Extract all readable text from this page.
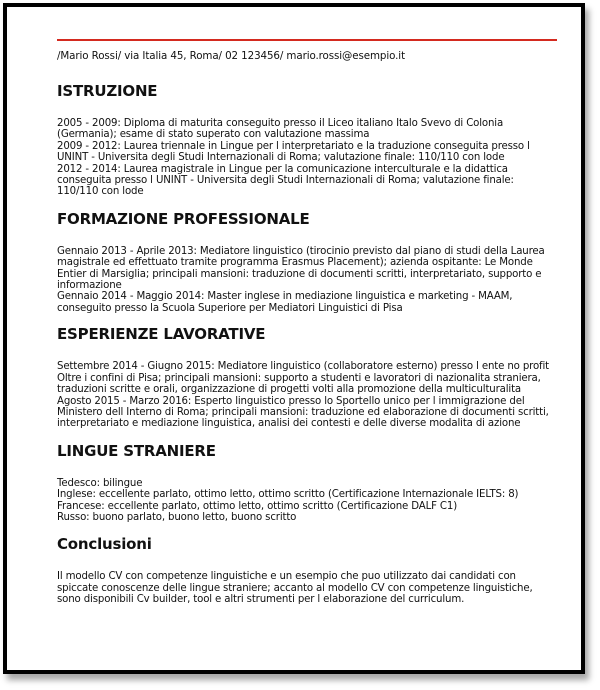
/Mario Rossi/ via Italia 45, Roma/ 02 123456/ mario.rossi@esempio.it
ISTRUZIONE

2005 - 2009: Diploma di maturita conseguito presso il Liceo italiano Italo Svevo di Colonia (Germania); esame di stato superato con valutazione massima

2009 - 2012: Laurea triennale in Lingue per l interpretariato e la traduzione conseguita presso l UNINT - Universita degli Studi Internazionali di Roma; valutazione finale: 110/110 con lode

2012 - 2014: Laurea magistrale in Lingue per la comunicazione interculturale e la didattica conseguita presso l UNINT - Universita degli Studi Internazionali di Roma; valutazione finale: 110/110 con lode

FORMAZIONE PROFESSIONALE

Gennaio 2013 - Aprile 2013: Mediatore linguistico (tirocinio previsto dal piano di studi della Laurea magistrale ed effettuato tramite programma Erasmus Placement); azienda ospitante: Le Monde Entier di Marsiglia; principali mansioni: traduzione di documenti scritti, interpretariato, supporto e informazione

Gennaio 2014 - Maggio 2014: Master inglese in mediazione linguistica e marketing - MAAM, conseguito presso la Scuola Superiore per Mediatori Linguistici di Pisa

ESPERIENZE LAVORATIVE

Settembre 2014 - Giugno 2015: Mediatore linguistico (collaboratore esterno) presso l ente no profit Oltre i confini di Pisa; principali mansioni: supporto a studenti e lavoratori di nazionalita straniera, traduzioni scritte e orali, organizzazione di progetti volti alla promozione della multiculturalita

Agosto 2015 - Marzo 2016: Esperto linguistico presso lo Sportello unico per l immigrazione del Ministero dell Interno di Roma; principali mansioni: traduzione ed elaborazione di documenti scritti, interpretariato e mediazione linguistica, analisi dei contesti e delle diverse modalita di azione

LINGUE STRANIERE

Tedesco: bilingue

Inglese: eccellente parlato, ottimo letto, ottimo scritto (Certificazione Internazionale IELTS: 8)

Francese: eccellente parlato, ottimo letto, ottimo scritto (Certificazione DALF C1)

Russo: buono parlato, buono letto, buono scritto

Conclusioni

Il modello CV con competenze linguistiche e un esempio che puo utilizzato dai candidati con spiccate conoscenze delle lingue straniere; accanto al modello CV con competenze linguistiche, sono disponibili Cv builder, tool e altri strumenti per l elaborazione del curriculum.
